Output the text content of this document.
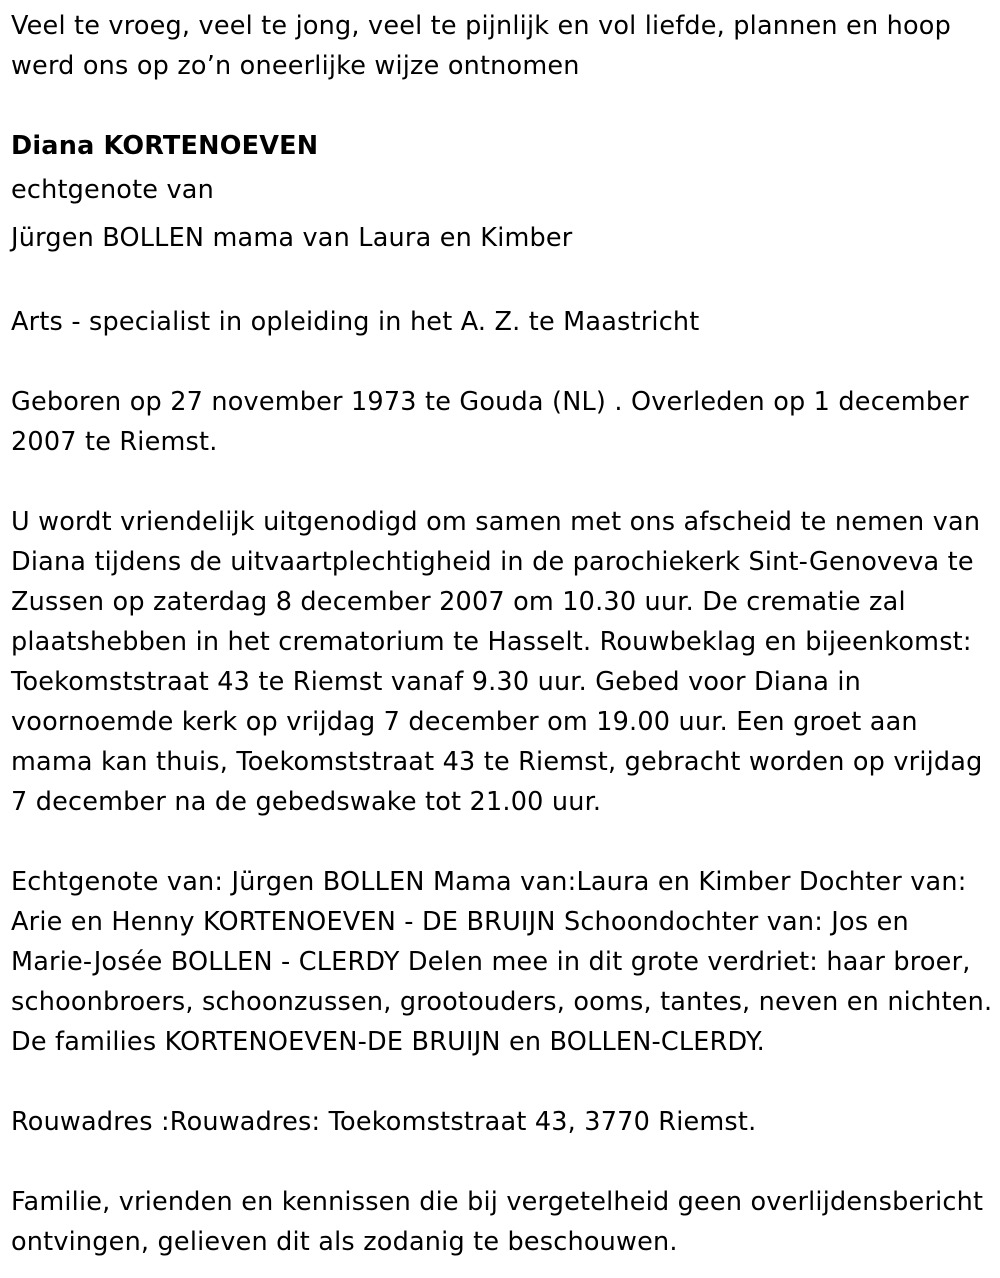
Veel te vroeg, veel te jong, veel te pijnlijk en vol liefde, plannen en hoop werd ons op zo’n oneerlijke wijze ontnomen

Diana KORTENOEVEN

echtgenote van

Jürgen BOLLEN mama van Laura en Kimber

Arts - specialist in opleiding in het A. Z. te Maastricht

Geboren op 27 november 1973 te Gouda (NL) . Overleden op 1 december 2007 te Riemst.

U wordt vriendelijk uitgenodigd om samen met ons afscheid te nemen van Diana tijdens de uitvaartplechtigheid in de parochiekerk Sint-Genoveva te Zussen op zaterdag 8 december 2007 om 10.30 uur. De crematie zal plaatshebben in het crematorium te Hasselt. Rouwbeklag en bijeenkomst: Toekomststraat 43 te Riemst vanaf 9.30 uur. Gebed voor Diana in voornoemde kerk op vrijdag 7 december om 19.00 uur. Een groet aan mama kan thuis, Toekomststraat 43 te Riemst, gebracht worden op vrijdag 7 december na de gebedswake tot 21.00 uur.

Echtgenote van: Jürgen BOLLEN Mama van:Laura en Kimber Dochter van: Arie en Henny KORTENOEVEN - DE BRUIJN Schoondochter van: Jos en Marie-Josée BOLLEN - CLERDY Delen mee in dit grote verdriet: haar broer, schoonbroers, schoonzussen, grootouders, ooms, tantes, neven en nichten. De families KORTENOEVEN-DE BRUIJN en BOLLEN-CLERDY.

Rouwadres :Rouwadres: Toekomststraat 43, 3770 Riemst.

Familie, vrienden en kennissen die bij vergetelheid geen overlijdensbericht ontvingen, gelieven dit als zodanig te beschouwen.
